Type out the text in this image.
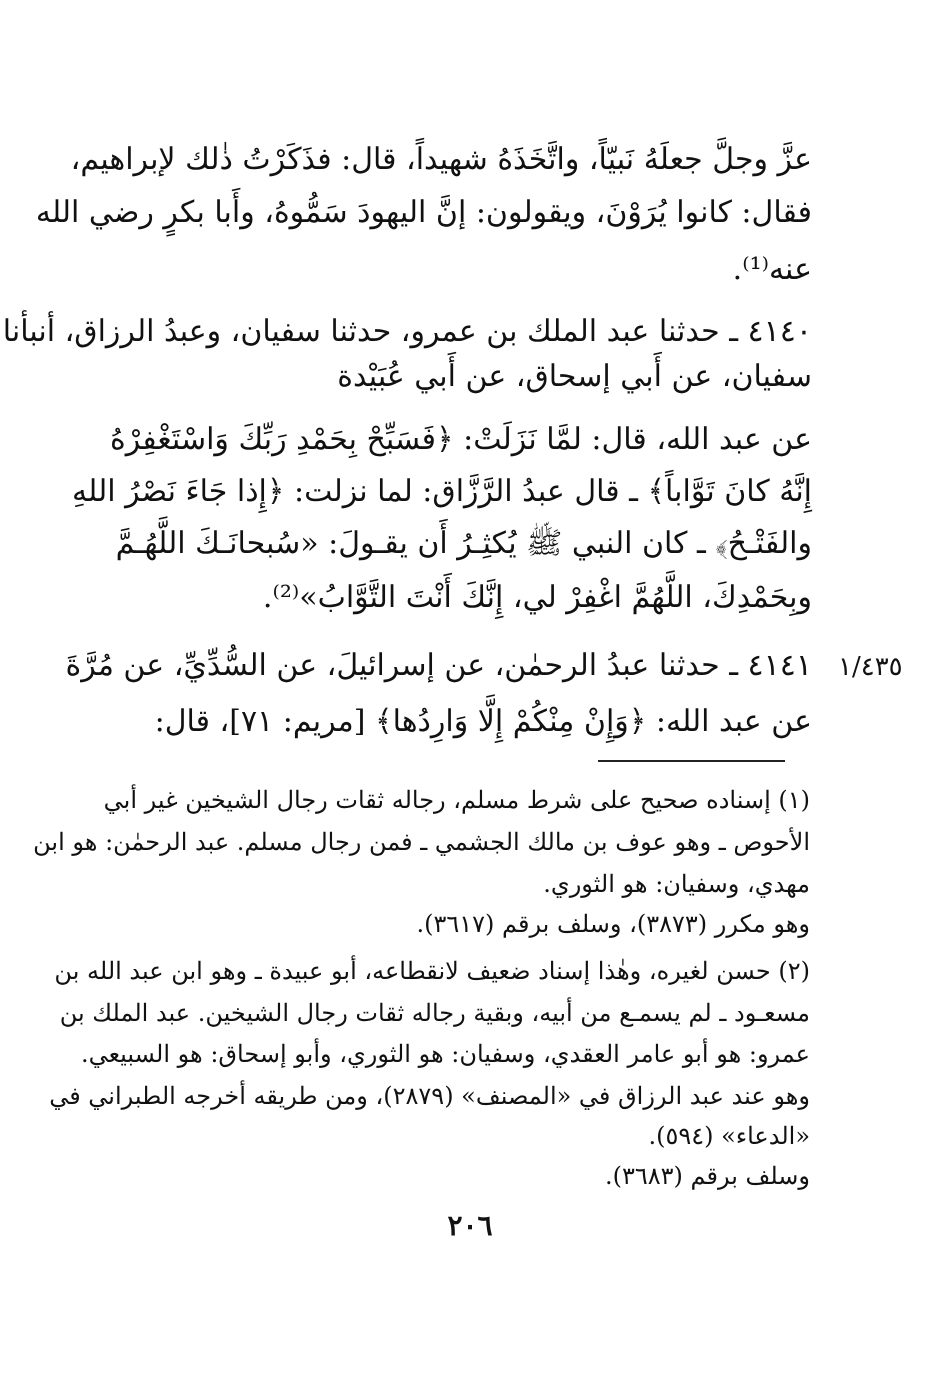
عزَّ وجلَّ جعلَهُ نَبيّاً، واتَّخَذَهُ شهيداً، قال: فذَكَرْتُ ذٰلك لإبراهيم،
فقال: كانوا يُرَوْنَ، ويقولون: إنَّ اليهودَ سَمُّوهُ، وأَبا بكرٍ رضي الله
عنه⁽¹⁾.
٤١٤٠ ـ حدثنا عبد الملك بن عمرو، حدثنا سفيان، وعبدُ الرزاق، أنبأنا
سفيان، عن أَبي إسحاق، عن أَبي عُبَيْدة
عن عبد الله، قال: لمَّا نَزَلَتْ: ﴿فَسَبِّحْ بِحَمْدِ رَبِّكَ وَاسْتَغْفِرْهُ
إِنَّهُ كانَ تَوَّاباً﴾ ـ قال عبدُ الرَّزَّاق: لما نزلت: ﴿إِذا جَاءَ نَصْرُ اللهِ
والفَتْـحُ﴾ ـ كان النبي ﷺ يُكثِـرُ أَن يقـولَ: «سُبحانَـكَ اللَّهُـمَّ
وبِحَمْدِكَ، اللَّهُمَّ اغْفِرْ لي، إِنَّكَ أَنْتَ التَّوَّابُ»⁽²⁾.
٤١٤١ ـ حدثنا عبدُ الرحمٰن، عن إسرائيلَ، عن السُّدِّيِّ، عن مُرَّةَ
عن عبد الله: ﴿وَإِنْ مِنْكُمْ إِلَّا وَارِدُها﴾ [مريم: ٧١]، قال:
١/٤٣٥
(١) إسناده صحيح على شرط مسلم، رجاله ثقات رجال الشيخين غير أبي
الأحوص ـ وهو عوف بن مالك الجشمي ـ فمن رجال مسلم. عبد الرحمٰن: هو ابن
مهدي، وسفيان: هو الثوري.
وهو مكرر (٣٨٧٣)، وسلف برقم (٣٦١٧).
(٢) حسن لغيره، وهٰذا إسناد ضعيف لانقطاعه، أبو عبيدة ـ وهو ابن عبد الله بن
مسعـود ـ لم يسمـع من أبيه، وبقية رجاله ثقات رجال الشيخين. عبد الملك بن
عمرو: هو أبو عامر العقدي، وسفيان: هو الثوري، وأبو إسحاق: هو السبيعي.
وهو عند عبد الرزاق في «المصنف» (٢٨٧٩)، ومن طريقه أخرجه الطبراني في
«الدعاء» (٥٩٤).
وسلف برقم (٣٦٨٣).
٢٠٦
